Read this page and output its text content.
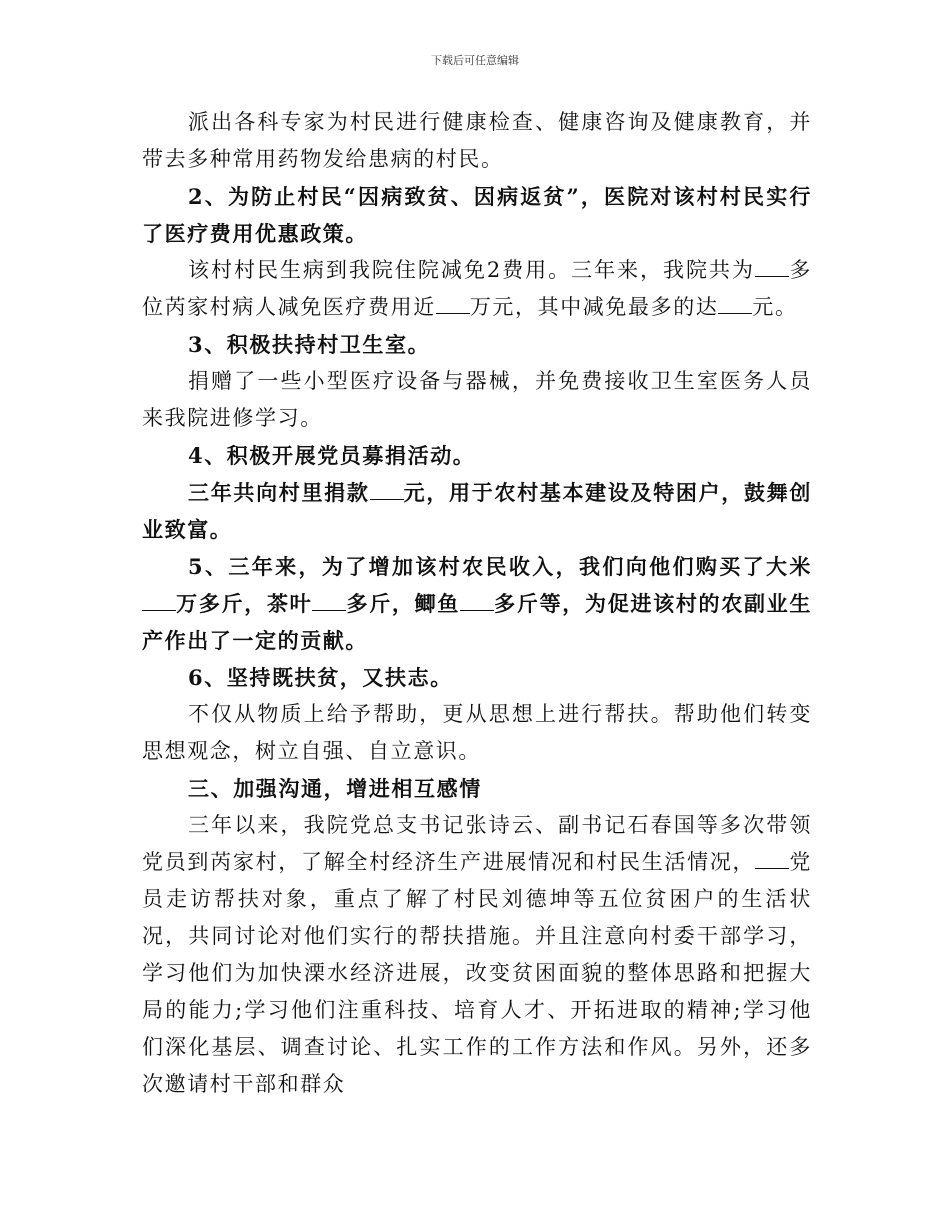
下载后可任意编辑

派出各科专家为村民进行健康检查、健康咨询及健康教育，并带去多种常用药物发给患病的村民。

2、为防止村民“因病致贫、因病返贫”，医院对该村村民实行了医疗费用优惠政策。

该村村民生病到我院住院减免2费用。三年来，我院共为 多位芮家村病人减免医疗费用近 万元，其中减免最多的达 元。

3、积极扶持村卫生室。

捐赠了一些小型医疗设备与器械，并免费接收卫生室医务人员来我院进修学习。

4、积极开展党员募捐活动。

三年共向村里捐款 元，用于农村基本建设及特困户，鼓舞创业致富。

5、三年来，为了增加该村农民收入，我们向他们购买了大米万多斤，茶叶 多斤，鲫鱼 多斤等，为促进该村的农副业生产作出了一定的贡献。

6、坚持既扶贫，又扶志。

不仅从物质上给予帮助，更从思想上进行帮扶。帮助他们转变思想观念，树立自强、自立意识。

三、加强沟通，增进相互感情

三年以来，我院党总支书记张诗云、副书记石春国等多次带领党员到芮家村，了解全村经济生产进展情况和村民生活情况， 党员走访帮扶对象，重点了解了村民刘德坤等五位贫困户的生活状况，共同讨论对他们实行的帮扶措施。并且注意向村委干部学习，学习他们为加快溧水经济进展，改变贫困面貌的整体思路和把握大局的能力;学习他们注重科技、培育人才、开拓进取的精神;学习他们深化基层、调查讨论、扎实工作的工作方法和作风。另外，还多次邀请村干部和群众
